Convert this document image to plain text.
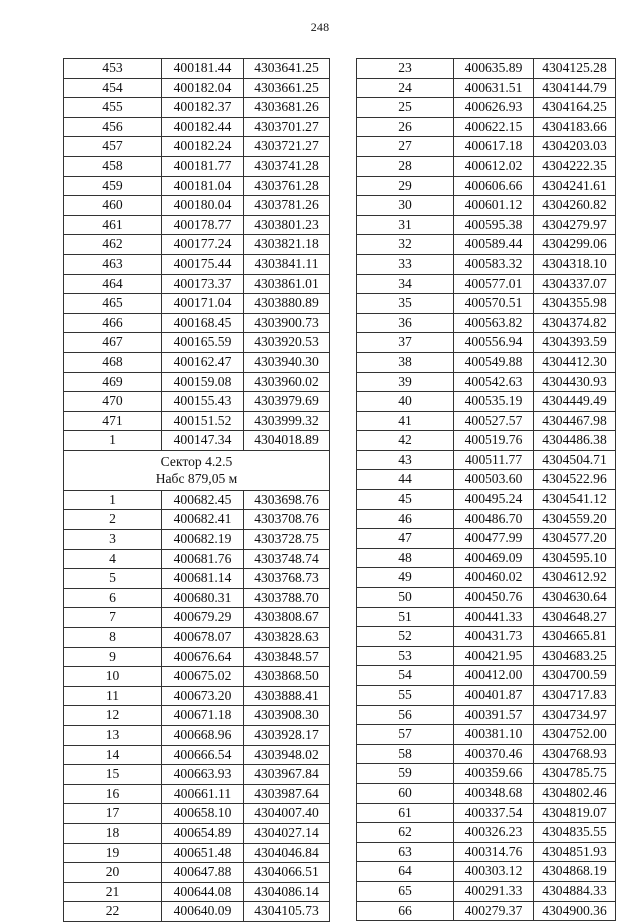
248
453	400181.44	4303641.25
454	400182.04	4303661.25
455	400182.37	4303681.26
456	400182.44	4303701.27
457	400182.24	4303721.27
458	400181.77	4303741.28
459	400181.04	4303761.28
460	400180.04	4303781.26
461	400178.77	4303801.23
462	400177.24	4303821.18
463	400175.44	4303841.11
464	400173.37	4303861.01
465	400171.04	4303880.89
466	400168.45	4303900.73
467	400165.59	4303920.53
468	400162.47	4303940.30
469	400159.08	4303960.02
470	400155.43	4303979.69
471	400151.52	4303999.32
1	400147.34	4304018.89
Сектор 4.2.5
Набс 879,05 м		
1	400682.45	4303698.76
2	400682.41	4303708.76
3	400682.19	4303728.75
4	400681.76	4303748.74
5	400681.14	4303768.73
6	400680.31	4303788.70
7	400679.29	4303808.67
8	400678.07	4303828.63
9	400676.64	4303848.57
10	400675.02	4303868.50
11	400673.20	4303888.41
12	400671.18	4303908.30
13	400668.96	4303928.17
14	400666.54	4303948.02
15	400663.93	4303967.84
16	400661.11	4303987.64
17	400658.10	4304007.40
18	400654.89	4304027.14
19	400651.48	4304046.84
20	400647.88	4304066.51
21	400644.08	4304086.14
22	400640.09	4304105.73
23	400635.89	4304125.28
24	400631.51	4304144.79
25	400626.93	4304164.25
26	400622.15	4304183.66
27	400617.18	4304203.03
28	400612.02	4304222.35
29	400606.66	4304241.61
30	400601.12	4304260.82
31	400595.38	4304279.97
32	400589.44	4304299.06
33	400583.32	4304318.10
34	400577.01	4304337.07
35	400570.51	4304355.98
36	400563.82	4304374.82
37	400556.94	4304393.59
38	400549.88	4304412.30
39	400542.63	4304430.93
40	400535.19	4304449.49
41	400527.57	4304467.98
42	400519.76	4304486.38
43	400511.77	4304504.71
44	400503.60	4304522.96
45	400495.24	4304541.12
46	400486.70	4304559.20
47	400477.99	4304577.20
48	400469.09	4304595.10
49	400460.02	4304612.92
50	400450.76	4304630.64
51	400441.33	4304648.27
52	400431.73	4304665.81
53	400421.95	4304683.25
54	400412.00	4304700.59
55	400401.87	4304717.83
56	400391.57	4304734.97
57	400381.10	4304752.00
58	400370.46	4304768.93
59	400359.66	4304785.75
60	400348.68	4304802.46
61	400337.54	4304819.07
62	400326.23	4304835.55
63	400314.76	4304851.93
64	400303.12	4304868.19
65	400291.33	4304884.33
66	400279.37	4304900.36
